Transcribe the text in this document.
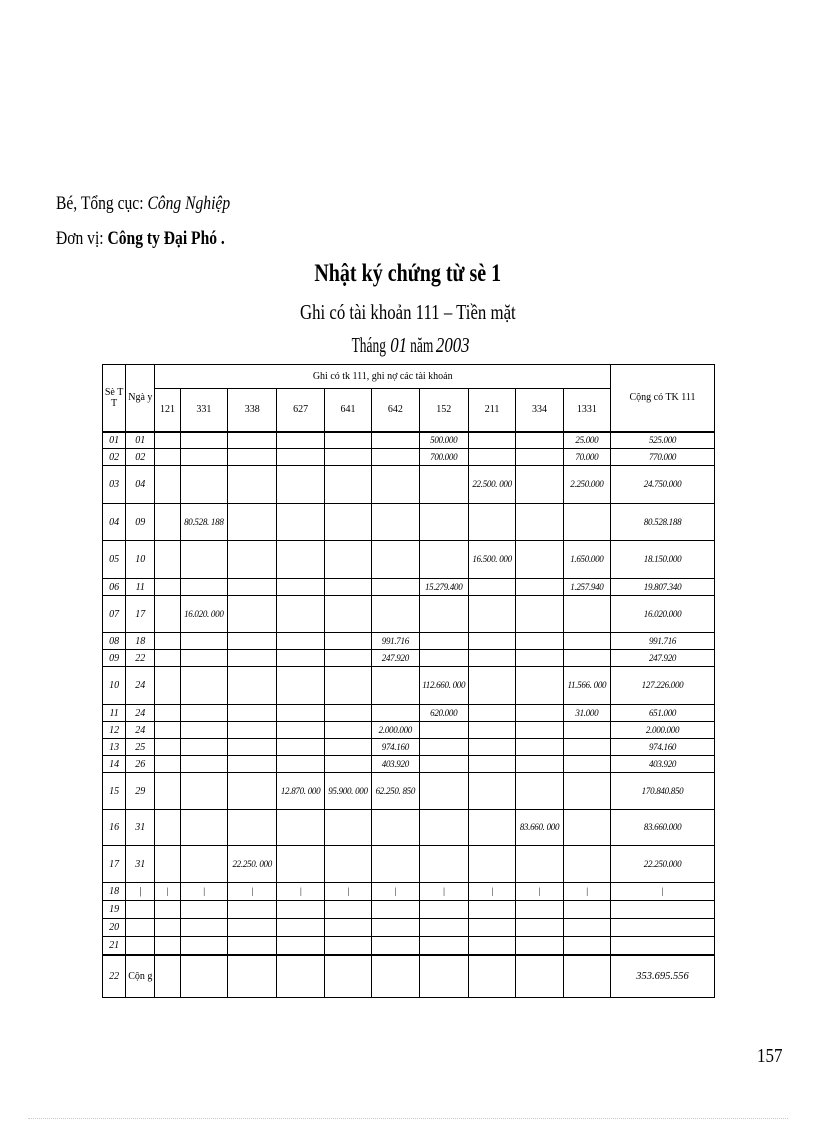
Bé, Tổng cục: Công Nghiệp
Đơn vị: Công ty Đại Phó .
Nhật ký chứng từ sè 1
Ghi có tài khoản 111 – Tiền mặt
Tháng01năm2003
Sè T T	Ngà y	Ghi có tk 111, ghi nợ các tài khoản										Cộng có TK 111
		121	331	338	627	641	642	152	211	334	1331	
01	01							500.000			25.000	525.000
02	02							700.000			70.000	770.000
03	04								22.500. 000		2.250.000	24.750.000
04	09		80.528. 188									80.528.188
05	10								16.500. 000		1.650.000	18.150.000
06	11							15.279.400			1.257.940	19.807.340
07	17		16.020. 000									16.020.000
08	18						991.716					991.716
09	22						247.920					247.920
10	24							112.660. 000			11.566. 000	127.226.000
11	24							620.000			31.000	651.000
12	24						2.000.000					2.000.000
13	25						974.160					974.160
14	26						403.920					403.920
15	29				12.870. 000	95.900. 000	62.250. 850					170.840.850
16	31									83.660. 000		83.660.000
17	31			22.250. 000								22.250.000
18	|	|	|	|	|	|	|	|	|	|	|	|
19												
20												
21												
22	Cộn g											353.695.556
157
